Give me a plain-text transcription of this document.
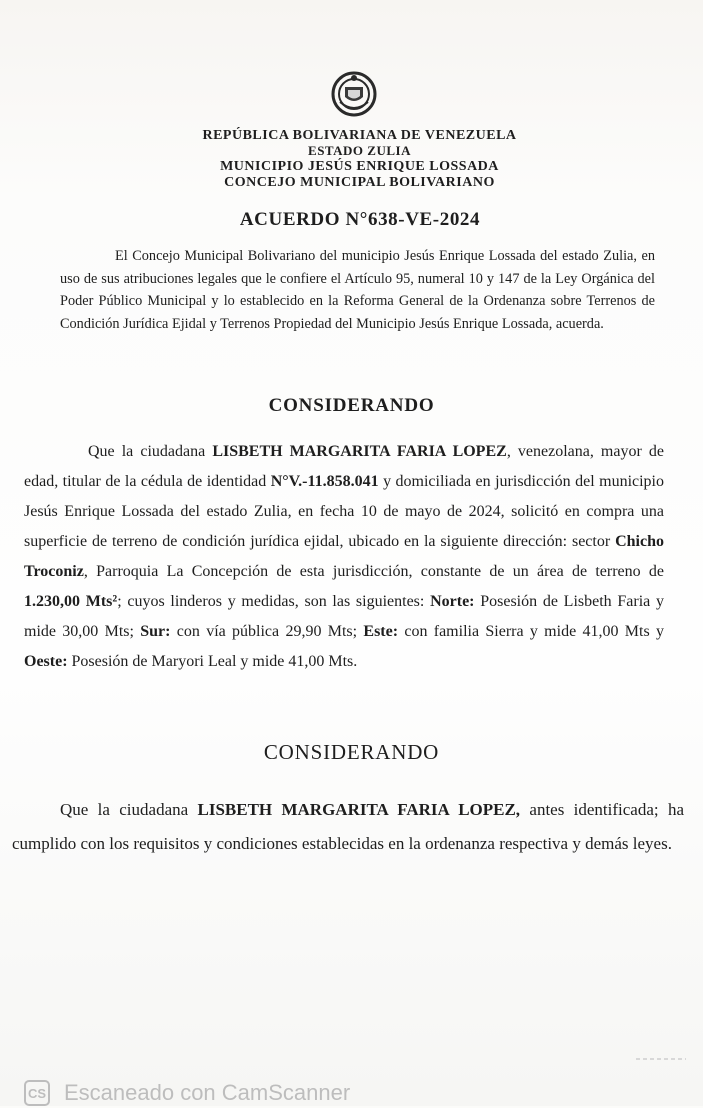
REPÚBLICA BOLIVARIANA DE VENEZUELA
ESTADO ZULIA
MUNICIPIO JESÚS ENRIQUE LOSSADA
CONCEJO MUNICIPAL BOLIVARIANO
ACUERDO N°638-VE-2024

El Concejo Municipal Bolivariano del municipio Jesús Enrique Lossada del estado Zulia, en uso de sus atribuciones legales que le confiere el Artículo 95, numeral 10 y 147 de la Ley Orgánica del Poder Público Municipal y lo establecido en la Reforma General de la Ordenanza sobre Terrenos de Condición Jurídica Ejidal y Terrenos Propiedad del Municipio Jesús Enrique Lossada, acuerda.

CONSIDERANDO

Que la ciudadana LISBETH MARGARITA FARIA LOPEZ, venezolana, mayor de edad, titular de la cédula de identidad N°V.-11.858.041 y domiciliada en jurisdicción del municipio Jesús Enrique Lossada del estado Zulia, en fecha 10 de mayo de 2024, solicitó en compra una superficie de terreno de condición jurídica ejidal, ubicado en la siguiente dirección: sector Chicho Troconiz, Parroquia La Concepción de esta jurisdicción, constante de un área de terreno de 1.230,00 Mts²; cuyos linderos y medidas, son las siguientes: Norte: Posesión de Lisbeth Faria y mide 30,00 Mts; Sur: con vía pública 29,90 Mts; Este: con familia Sierra y mide 41,00 Mts y Oeste: Posesión de Maryori Leal y mide 41,00 Mts.

CONSIDERANDO

Que la ciudadana LISBETH MARGARITA FARIA LOPEZ, antes identificada; ha cumplido con los requisitos y condiciones establecidas en la ordenanza respectiva y demás leyes.

CS Escaneado con CamScanner
